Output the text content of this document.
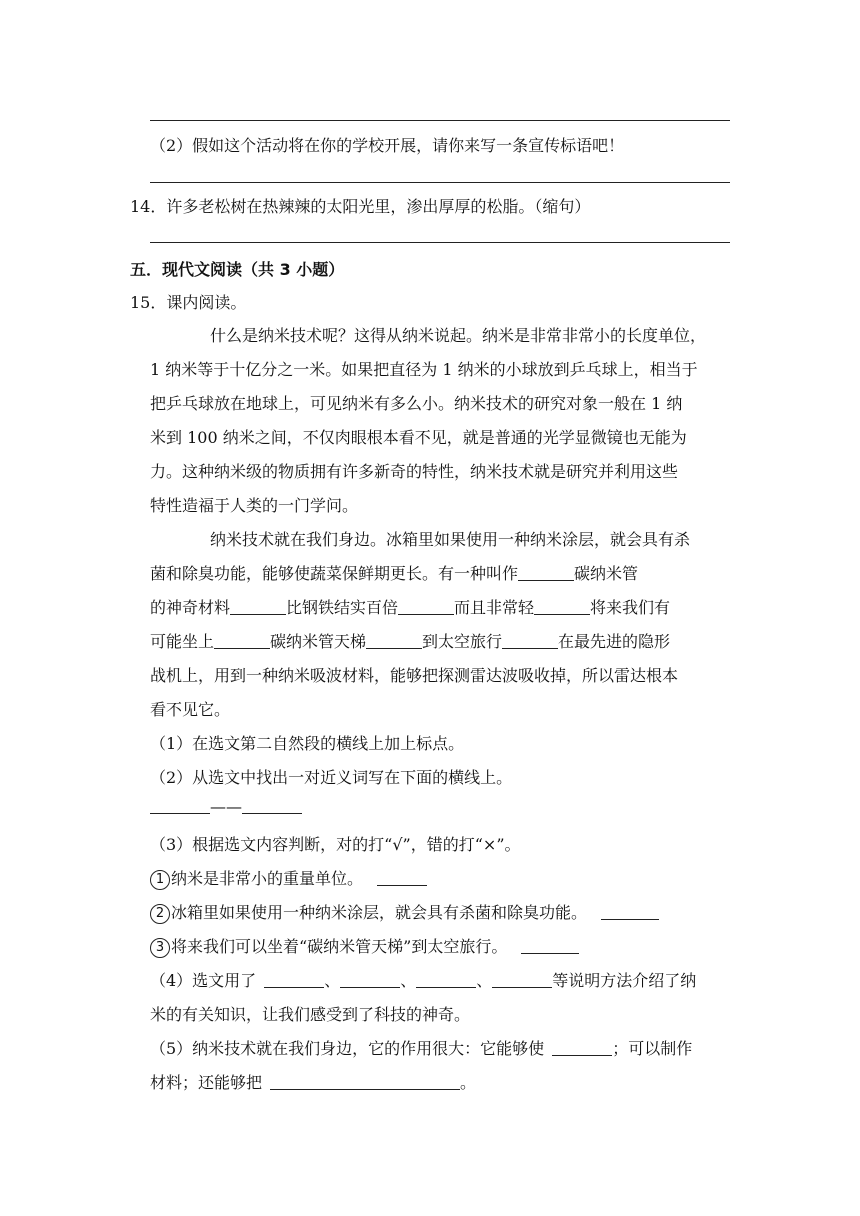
（2）假如这个活动将在你的学校开展，请你来写一条宣传标语吧！
14．许多老松树在热辣辣的太阳光里，渗出厚厚的松脂。（缩句）
五．现代文阅读（共 3 小题）
15．课内阅读。
什么是纳米技术呢？这得从纳米说起。纳米是非常非常小的长度单位，
1 纳米等于十亿分之一米。如果把直径为 1 纳米的小球放到乒乓球上，相当于
把乒乓球放在地球上，可见纳米有多么小。纳米技术的研究对象一般在 1 纳
米到 100 纳米之间，不仅肉眼根本看不见，就是普通的光学显微镜也无能为
力。这种纳米级的物质拥有许多新奇的特性，纳米技术就是研究并利用这些
特性造福于人类的一门学问。
纳米技术就在我们身边。冰箱里如果使用一种纳米涂层，就会具有杀
菌和除臭功能，能够使蔬菜保鲜期更长。有一种叫作	碳纳米管
的神奇材料	比钢铁结实百倍	而且非常轻	将来我们有
可能坐上	碳纳米管天梯	到太空旅行	在最先进的隐形
战机上，用到一种纳米吸波材料，能够把探测雷达波吸收掉，所以雷达根本
看不见它。
（1）在选文第二自然段的横线上加上标点。
（2）从选文中找出一对近义词写在下面的横线上。
——
（3）根据选文内容判断，对的打“√”，错的打“×”。
1 纳米是非常小的重量单位。
2 冰箱里如果使用一种纳米涂层，就会具有杀菌和除臭功能。
3 将来我们可以坐着“碳纳米管天梯”到太空旅行。
（4）选文用了	、	、	、	等说明方法介绍了纳
米的有关知识，让我们感受到了科技的神奇。
（5）纳米技术就在我们身边，它的作用很大：它能够使	；可以制作
材料；还能够把	。
